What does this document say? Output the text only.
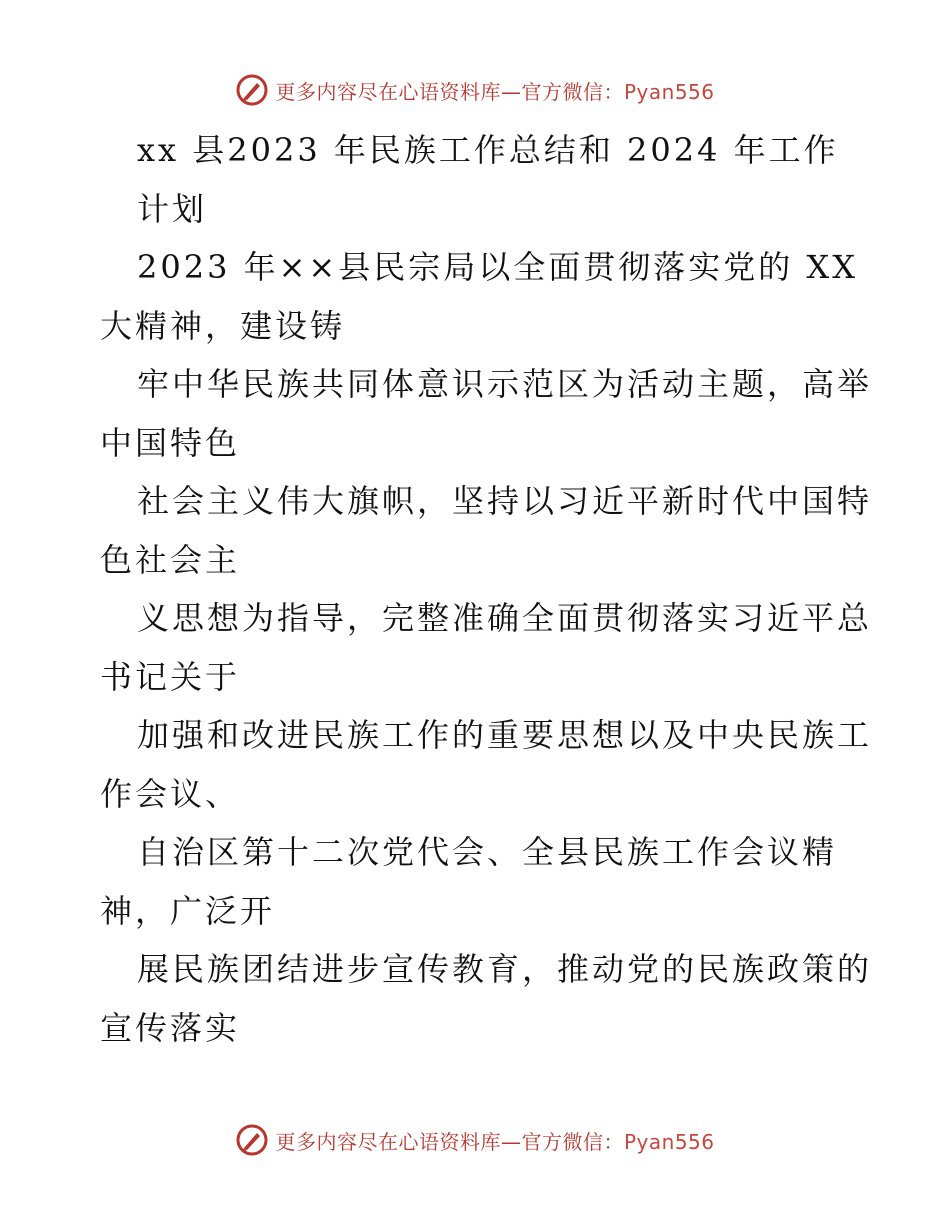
更多内容尽在心语资料库—官方微信：Pyan556
xx 县2023 年民族工作总结和 2024 年工作
计划
2023 年××县民宗局以全面贯彻落实党的 XX
大精神，建设铸
牢中华民族共同体意识示范区为活动主题，高举
中国特色
社会主义伟大旗帜，坚持以习近平新时代中国特
色社会主
义思想为指导，完整准确全面贯彻落实习近平总
书记关于
加强和改进民族工作的重要思想以及中央民族工
作会议、
自治区第十二次党代会、全县民族工作会议精
神，广泛开
展民族团结进步宣传教育，推动党的民族政策的
宣传落实
更多内容尽在心语资料库—官方微信：Pyan556
